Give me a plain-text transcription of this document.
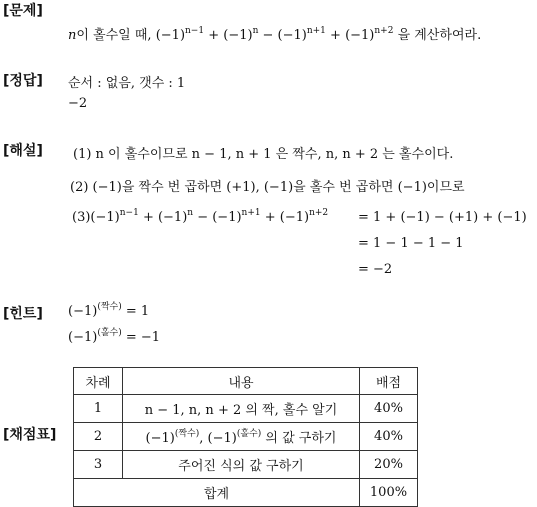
[문제]
[정답]
[해설]
[힌트]
[채점표]
n이 홀수일 때, $(-1)^{n-1} + (-1)^n - (-1)^{n+1} + (-1)^{n+2}$ 을 계산하여라.
순서 : 없음, 갯수 : 1
−2
(1) n 이 홀수이므로 n − 1, n + 1 은 짝수, n, n + 2 는 홀수이다.
(2) (−1)을 짝수 번 곱하면 (+1), (−1)을 홀수 번 곱하면 (−1)이므로
$(3)(-1)^{n-1} + (-1)^n - (-1)^{n+1} + (-1)^{n+2} = 1 + (-1) - (+1) + (-1)$
= 1 − 1 − 1 − 1
= −2
$(-1)^{(짝수)} = 1$
$(-1)^{(홀수)} = -1$
차례	내용	배점
1	n − 1, n, n + 2 의 짝, 홀수 알기	40%
2	$(-1)^{(짝수)}$, $(-1)^{(홀수)}$ 의 값 구하기	40%
3	주어진 식의 값 구하기	20%
합계		100%
